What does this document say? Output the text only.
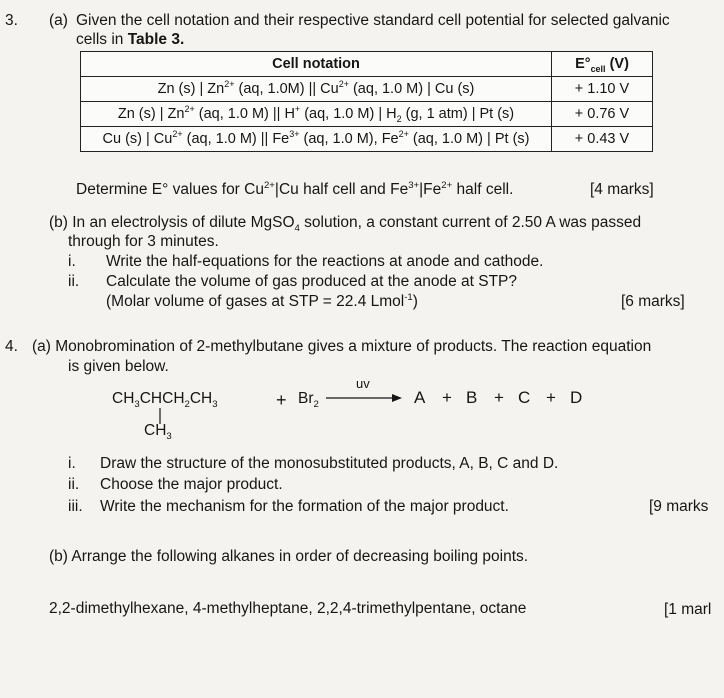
3. (a) Given the cell notation and their respective standard cell potential for selected galvanic
cells in Table 3.
Cell notation	$E^\circ_{cell}$ (V)
Zn (s) | $Zn^{2+}$ (aq, 1.0M) || $Cu^{2+}$ (aq, 1.0 M) | Cu (s)	+ 1.10 V
Zn (s) | $Zn^{2+}$ (aq, 1.0 M) || H+ (aq, 1.0 M) | $H_2$ (g, 1 atm) | Pt (s)	+ 0.76 V
Cu (s) | $Cu^{2+}$ (aq, 1.0 M) || $Fe^{3+}$ (aq, 1.0 M), $Fe^{2+}$ (aq, 1.0 M) | Pt (s)	+ 0.43 V
Determine E° values for $Cu^{2+}|Cu$ half cell and $Fe^{3+}|Fe^{2+}$ half cell.	[4 marks]
(b) In an electrolysis of dilute MgSO$_4$ solution, a constant current of 2.50 A was passed
through for 3 minutes.
i. Write the half-equations for the reactions at anode and cathode.
ii. Calculate the volume of gas produced at the anode at STP?
(Molar volume of gases at STP = 22.4 Lmol$^{-1}$)	[6 marks]
4. (a) Monobromination of 2-methylbutane gives a mixture of products. The reaction equation
is given below.
$CH_3CHCH_2CH_3$
$CH_3$
+ $Br_2$
uv
A + B + C + D
i. Draw the structure of the monosubstituted products, A, B, C and D.
ii. Choose the major product.
iii. Write the mechanism for the formation of the major product.	[9 marks
(b) Arrange the following alkanes in order of decreasing boiling points.
2,2-dimethylhexane, 4-methylheptane, 2,2,4-trimethylpentane, octane	[1 marl
